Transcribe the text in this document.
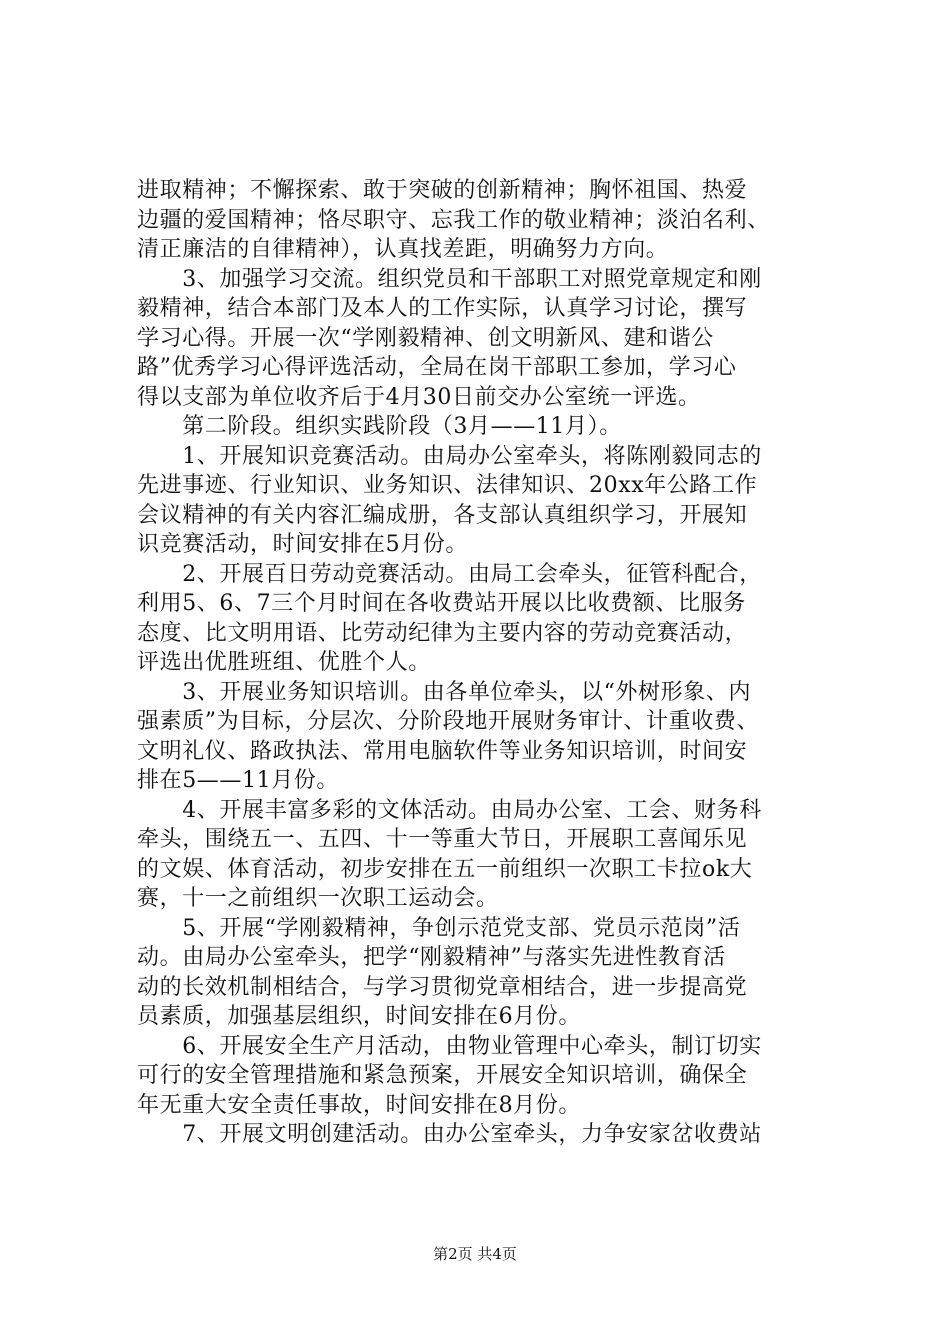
进取精神；不懈探索、敢于突破的创新精神；胸怀祖国、热爱
边疆的爱国精神；恪尽职守、忘我工作的敬业精神；淡泊名利、
清正廉洁的自律精神），认真找差距，明确努力方向。
　　3、加强学习交流。组织党员和干部职工对照党章规定和刚
毅精神，结合本部门及本人的工作实际，认真学习讨论，撰写
学习心得。开展一次“学刚毅精神、创文明新风、建和谐公
路”优秀学习心得评选活动，全局在岗干部职工参加，学习心
得以支部为单位收齐后于4月30日前交办公室统一评选。
　　第二阶段。组织实践阶段（3月——11月）。
　　1、开展知识竞赛活动。由局办公室牵头，将陈刚毅同志的
先进事迹、行业知识、业务知识、法律知识、20xx年公路工作
会议精神的有关内容汇编成册，各支部认真组织学习，开展知
识竞赛活动，时间安排在5月份。
　　2、开展百日劳动竞赛活动。由局工会牵头，征管科配合，
利用5、6、7三个月时间在各收费站开展以比收费额、比服务
态度、比文明用语、比劳动纪律为主要内容的劳动竞赛活动，
评选出优胜班组、优胜个人。
　　3、开展业务知识培训。由各单位牵头，以“外树形象、内
强素质”为目标，分层次、分阶段地开展财务审计、计重收费、
文明礼仪、路政执法、常用电脑软件等业务知识培训，时间安
排在5——11月份。
　　4、开展丰富多彩的文体活动。由局办公室、工会、财务科
牵头，围绕五一、五四、十一等重大节日，开展职工喜闻乐见
的文娱、体育活动，初步安排在五一前组织一次职工卡拉ok大
赛，十一之前组织一次职工运动会。
　　5、开展“学刚毅精神，争创示范党支部、党员示范岗”活
动。由局办公室牵头，把学“刚毅精神”与落实先进性教育活
动的长效机制相结合，与学习贯彻党章相结合，进一步提高党
员素质，加强基层组织，时间安排在6月份。
　　6、开展安全生产月活动，由物业管理中心牵头，制订切实
可行的安全管理措施和紧急预案，开展安全知识培训，确保全
年无重大安全责任事故，时间安排在8月份。
　　7、开展文明创建活动。由办公室牵头，力争安家岔收费站
第2页 共4页
